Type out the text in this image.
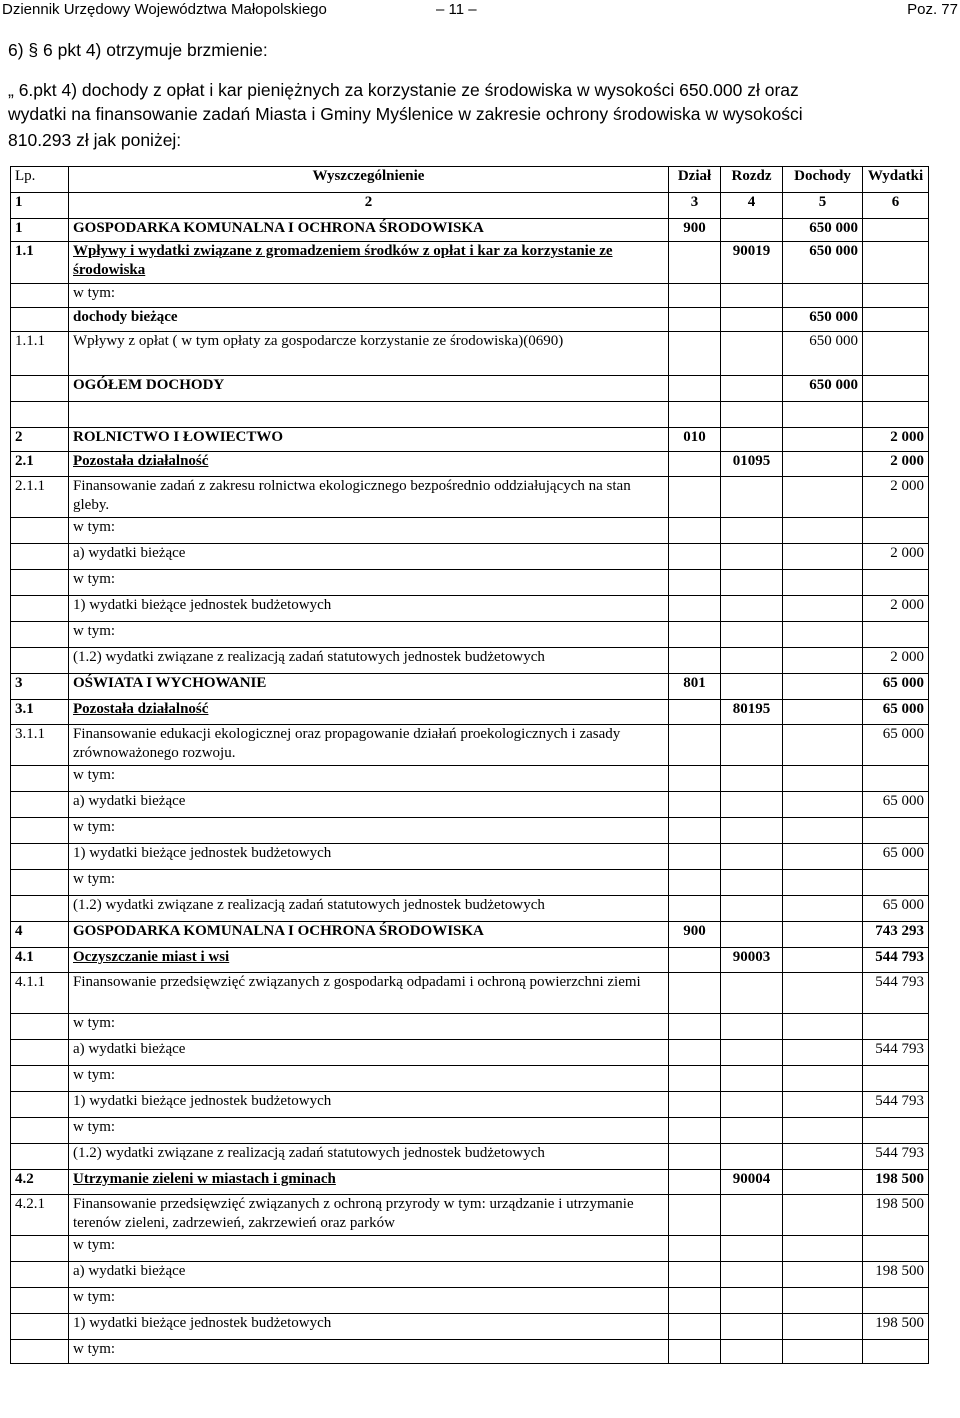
Dziennik Urzędowy Województwa Małopolskiego	– 11 –	Poz. 77
6) § 6 pkt 4) otrzymuje brzmienie:
„ 6.pkt 4) dochody z opłat i kar pieniężnych za korzystanie ze środowiska w wysokości 650.000 zł oraz
wydatki na finansowanie zadań Miasta i Gminy Myślenice w zakresie ochrony środowiska w wysokości
810.293 zł jak poniżej:
Lp.	Wyszczególnienie	Dział	Rozdz	Dochody	Wydatki
1	2	3	4	5	6
1	GOSPODARKA KOMUNALNA I OCHRONA ŚRODOWISKA	900		650 000	
1.1	Wpływy i wydatki związane z gromadzeniem środków z opłat i kar za korzystanie ze środowiska		90019	650 000	
	w tym:				
	dochody bieżące			650 000	
1.1.1	Wpływy z opłat ( w tym opłaty za gospodarcze korzystanie ze środowiska)(0690)			650 000	
	OGÓŁEM DOCHODY			650 000	

2	ROLNICTWO I ŁOWIECTWO	010			2 000
2.1	Pozostała działalność		01095		2 000
2.1.1	Finansowanie zadań z zakresu rolnictwa ekologicznego bezpośrednio oddziałujących na stan gleby.				2 000
	w tym:				
	a) wydatki bieżące				2 000
	w tym:				
	1) wydatki bieżące jednostek budżetowych				2 000
	w tym:				
	(1.2) wydatki związane z realizacją zadań statutowych jednostek budżetowych				2 000
3	OŚWIATA I WYCHOWANIE	801			65 000
3.1	Pozostała działalność		80195		65 000
3.1.1	Finansowanie edukacji ekologicznej oraz propagowanie działań proekologicznych i zasady zrównoważonego rozwoju.				65 000
	w tym:				
	a) wydatki bieżące				65 000
	w tym:				
	1) wydatki bieżące jednostek budżetowych				65 000
	w tym:				
	(1.2) wydatki związane z realizacją zadań statutowych jednostek budżetowych				65 000
4	GOSPODARKA KOMUNALNA I OCHRONA ŚRODOWISKA	900			743 293
4.1	Oczyszczanie miast i wsi		90003		544 793
4.1.1	Finansowanie przedsięwzięć związanych z gospodarką odpadami i ochroną powierzchni ziemi				544 793
	w tym:				
	a) wydatki bieżące				544 793
	w tym:				
	1) wydatki bieżące jednostek budżetowych				544 793
	w tym:				
	(1.2) wydatki związane z realizacją zadań statutowych jednostek budżetowych				544 793
4.2	Utrzymanie zieleni w miastach i gminach		90004		198 500
4.2.1	Finansowanie przedsięwzięć związanych z ochroną przyrody w tym: urządzanie i utrzymanie terenów zieleni, zadrzewień, zakrzewień oraz parków				198 500
	w tym:				
	a) wydatki bieżące				198 500
	w tym:				
	1) wydatki bieżące jednostek budżetowych				198 500
	w tym:				
